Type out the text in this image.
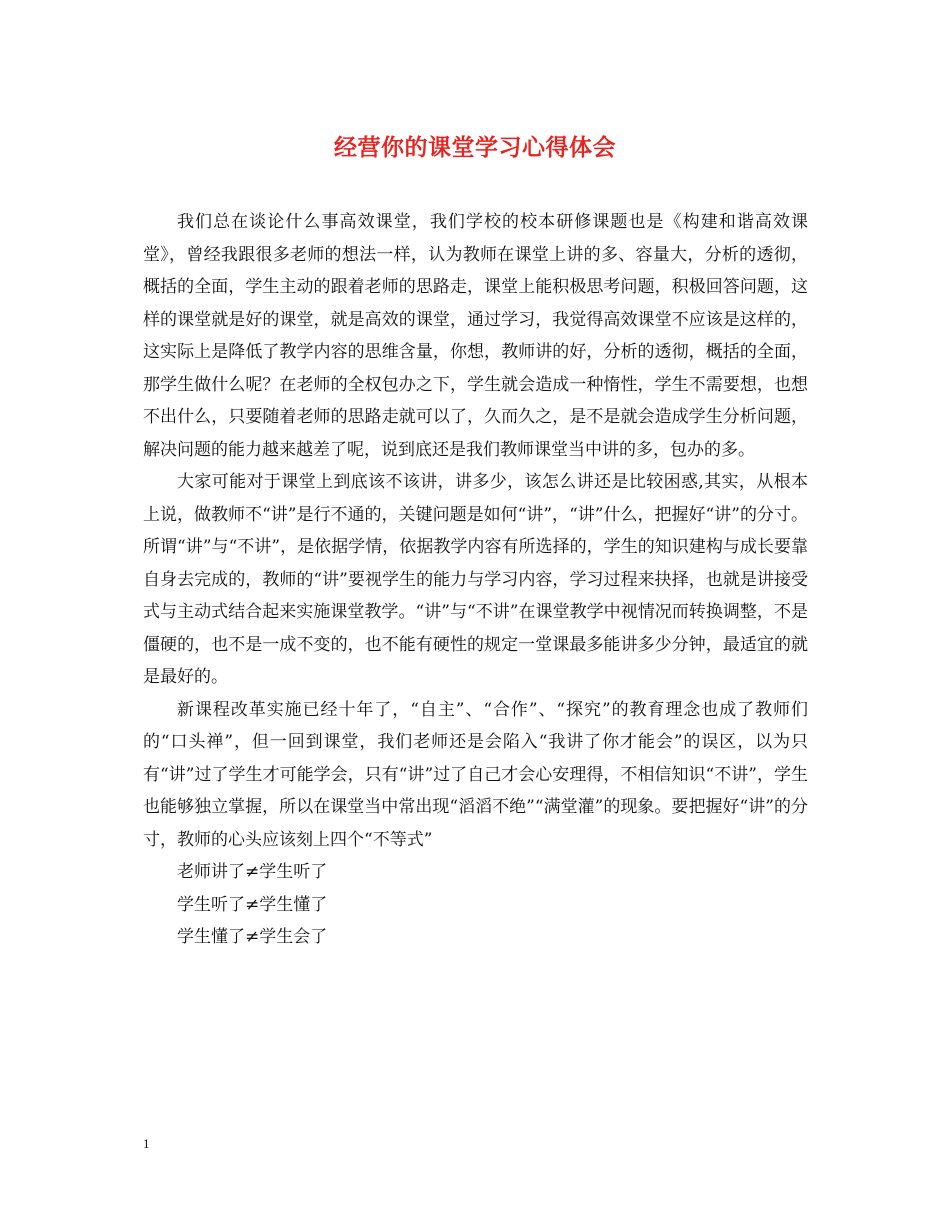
经营你的课堂学习心得体会

我们总在谈论什么事高效课堂，我们学校的校本研修课题也是《构建和谐高效课堂》，曾经我跟很多老师的想法一样，认为教师在课堂上讲的多、容量大，分析的透彻，概括的全面，学生主动的跟着老师的思路走，课堂上能积极思考问题，积极回答问题，这样的课堂就是好的课堂，就是高效的课堂，通过学习，我觉得高效课堂不应该是这样的，这实际上是降低了教学内容的思维含量，你想，教师讲的好，分析的透彻，概括的全面，那学生做什么呢？在老师的全权包办之下，学生就会造成一种惰性，学生不需要想，也想不出什么，只要随着老师的思路走就可以了，久而久之，是不是就会造成学生分析问题，解决问题的能力越来越差了呢，说到底还是我们教师课堂当中讲的多，包办的多。

大家可能对于课堂上到底该不该讲，讲多少，该怎么讲还是比较困惑,其实，从根本上说，做教师不“讲”是行不通的，关键问题是如何“讲”，“讲”什么，把握好“讲”的分寸。所谓“讲”与“不讲”，是依据学情，依据教学内容有所选择的，学生的知识建构与成长要靠自身去完成的，教师的“讲”要视学生的能力与学习内容，学习过程来抉择，也就是讲接受式与主动式结合起来实施课堂教学。“讲”与“不讲”在课堂教学中视情况而转换调整，不是僵硬的，也不是一成不变的，也不能有硬性的规定一堂课最多能讲多少分钟，最适宜的就是最好的。

新课程改革实施已经十年了，“自主”、“合作”、“探究”的教育理念也成了教师们的“口头禅”，但一回到课堂，我们老师还是会陷入“我讲了你才能会”的误区，以为只有“讲”过了学生才可能学会，只有“讲”过了自己才会心安理得，不相信知识“不讲”，学生也能够独立掌握，所以在课堂当中常出现“滔滔不绝”“满堂灌”的现象。要把握好“讲”的分寸，教师的心头应该刻上四个“不等式”

老师讲了≠学生听了

学生听了≠学生懂了

学生懂了≠学生会了

1
